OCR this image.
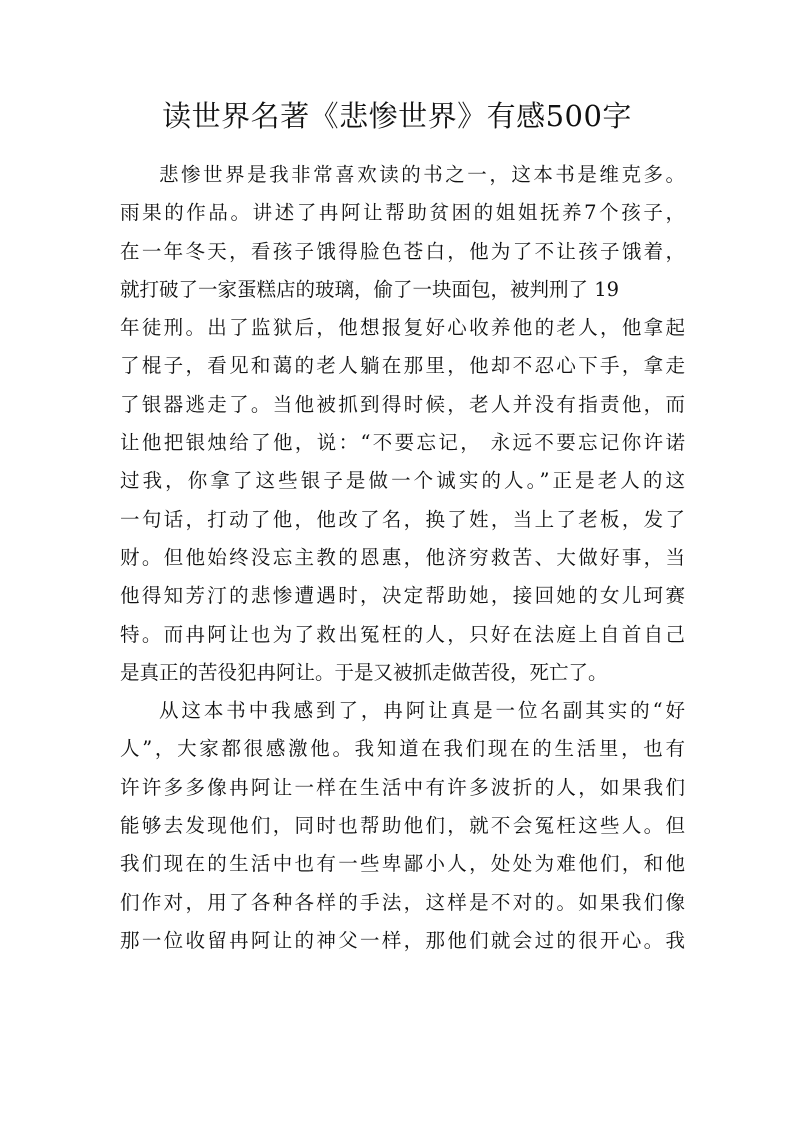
读世界名著《悲惨世界》有感500字
悲惨世界是我非常喜欢读的书之一，这本书是维克多。
雨果的作品。讲述了冉阿让帮助贫困的姐姐抚养7个孩子，
在一年冬天，看孩子饿得脸色苍白，他为了不让孩子饿着，
就打破了一家蛋糕店的玻璃，偷了一块面包，被判刑了 19
年徒刑。出了监狱后，他想报复好心收养他的老人，他拿起
了棍子，看见和蔼的老人躺在那里，他却不忍心下手，拿走
了银器逃走了。当他被抓到得时候，老人并没有指责他，而
让他把银烛给了他，说：“不要忘记， 永远不要忘记你许诺
过我，你拿了这些银子是做一个诚实的人。”正是老人的这
一句话，打动了他，他改了名，换了姓，当上了老板，发了
财。但他始终没忘主教的恩惠，他济穷救苦、大做好事，当
他得知芳汀的悲惨遭遇时，决定帮助她，接回她的女儿珂赛
特。而冉阿让也为了救出冤枉的人，只好在法庭上自首自己
是真正的苦役犯冉阿让。于是又被抓走做苦役，死亡了。
从这本书中我感到了，冉阿让真是一位名副其实的“好
人”，大家都很感激他。我知道在我们现在的生活里，也有
许许多多像冉阿让一样在生活中有许多波折的人，如果我们
能够去发现他们，同时也帮助他们，就不会冤枉这些人。但
我们现在的生活中也有一些卑鄙小人，处处为难他们，和他
们作对，用了各种各样的手法，这样是不对的。如果我们像
那一位收留冉阿让的神父一样，那他们就会过的很开心。我
